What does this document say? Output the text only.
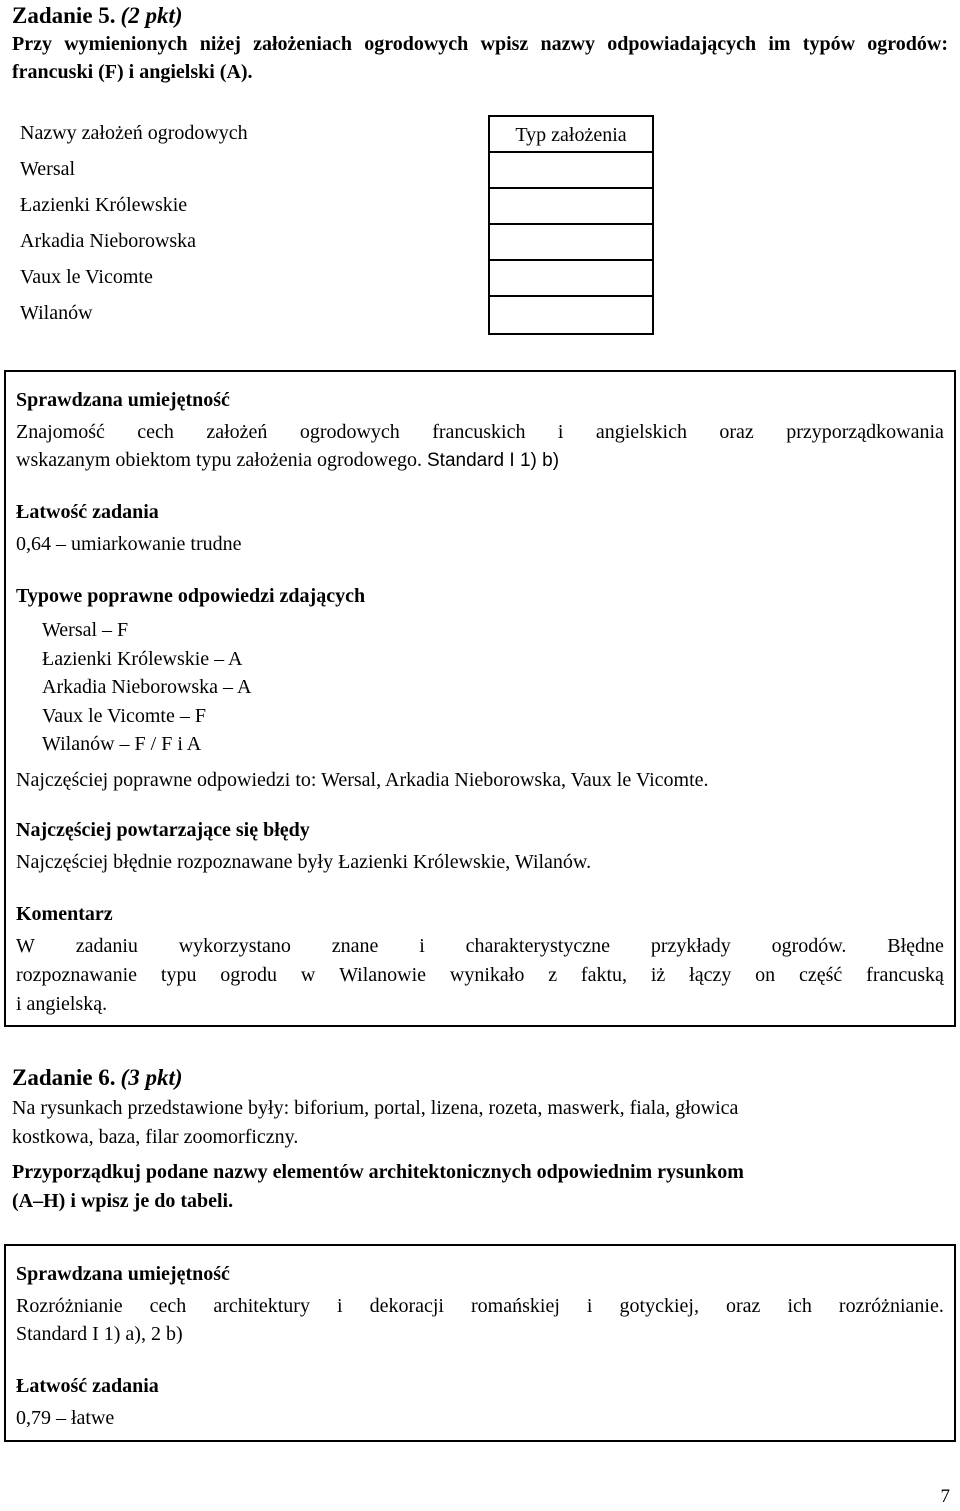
Zadanie 5. (2 pkt)
Przy wymienionych niżej założeniach ogrodowych wpisz nazwy odpowiadających im typów ogrodów: francuski (F) i angielski (A).
Nazwy założeń ogrodowych
Wersal
Łazienki Królewskie
Arkadia Nieborowska
Vaux le Vicomte
Wilanów
Typ założenia
Sprawdzana umiejętność
Znajomość cech założeń ogrodowych francuskich i angielskich oraz przyporządkowania
wskazanym obiektom typu założenia ogrodowego. Standard I 1) b)
Łatwość zadania
0,64 – umiarkowanie trudne
Typowe poprawne odpowiedzi zdających
Wersal – F
Łazienki Królewskie – A
Arkadia Nieborowska – A
Vaux le Vicomte – F
Wilanów – F / F i A
Najczęściej poprawne odpowiedzi to: Wersal, Arkadia Nieborowska, Vaux le Vicomte.
Najczęściej powtarzające się błędy
Najczęściej błędnie rozpoznawane były Łazienki Królewskie, Wilanów.
Komentarz
W zadaniu wykorzystano znane i charakterystyczne przykłady ogrodów. Błędne
rozpoznawanie typu ogrodu w Wilanowie wynikało z faktu, iż łączy on część francuską
i angielską.
Zadanie 6. (3 pkt)
Na rysunkach przedstawione były: biforium, portal, lizena, rozeta, maswerk, fiala, głowica
kostkowa, baza, filar zoomorficzny.
Przyporządkuj podane nazwy elementów architektonicznych odpowiednim rysunkom
(A–H) i wpisz je do tabeli.
Sprawdzana umiejętność
Rozróżnianie cech architektury i dekoracji romańskiej i gotyckiej, oraz ich rozróżnianie.
Standard I 1) a), 2 b)
Łatwość zadania
0,79 – łatwe
7
